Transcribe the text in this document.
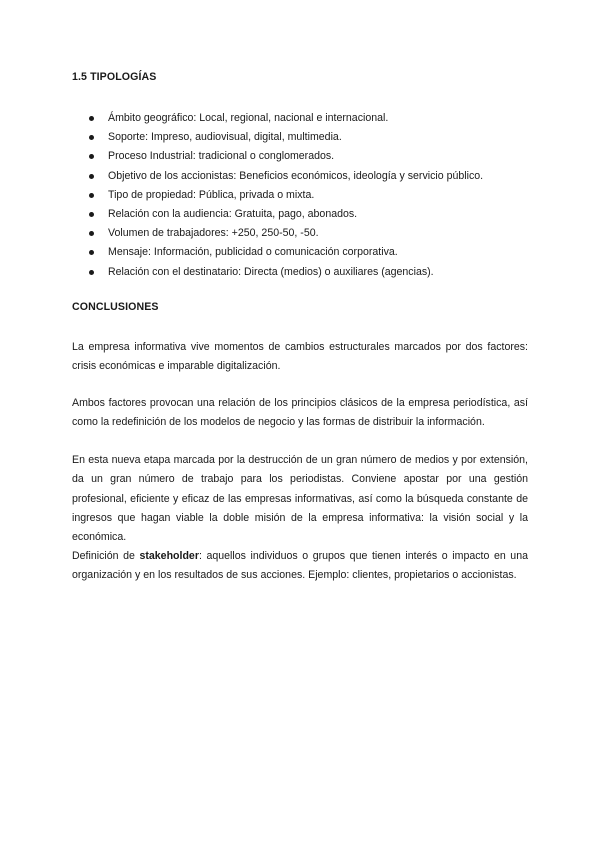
1.5 TIPOLOGÍAS
Ámbito geográfico: Local, regional, nacional e internacional.
Soporte: Impreso, audiovisual, digital, multimedia.
Proceso Industrial: tradicional o conglomerados.
Objetivo de los accionistas: Beneficios económicos, ideología y servicio público.
Tipo de propiedad: Pública, privada o mixta.
Relación con la audiencia: Gratuita, pago, abonados.
Volumen de trabajadores: +250, 250-50, -50.
Mensaje: Información, publicidad o comunicación corporativa.
Relación con el destinatario: Directa (medios) o auxiliares (agencias).
CONCLUSIONES

La empresa informativa vive momentos de cambios estructurales marcados por dos factores: crisis económicas e imparable digitalización.

Ambos factores provocan una relación de los principios clásicos de la empresa periodística, así como la redefinición de los modelos de negocio y las formas de distribuir la información.

En esta nueva etapa marcada por la destrucción de un gran número de medios y por extensión, da un gran número de trabajo para los periodistas. Conviene apostar por una gestión profesional, eficiente y eficaz de las empresas informativas, así como la búsqueda constante de ingresos que hagan viable la doble misión de la empresa informativa: la visión social y la económica.

Definición de stakeholder: aquellos individuos o grupos que tienen interés o impacto en una organización y en los resultados de sus acciones. Ejemplo: clientes, propietarios o accionistas.
